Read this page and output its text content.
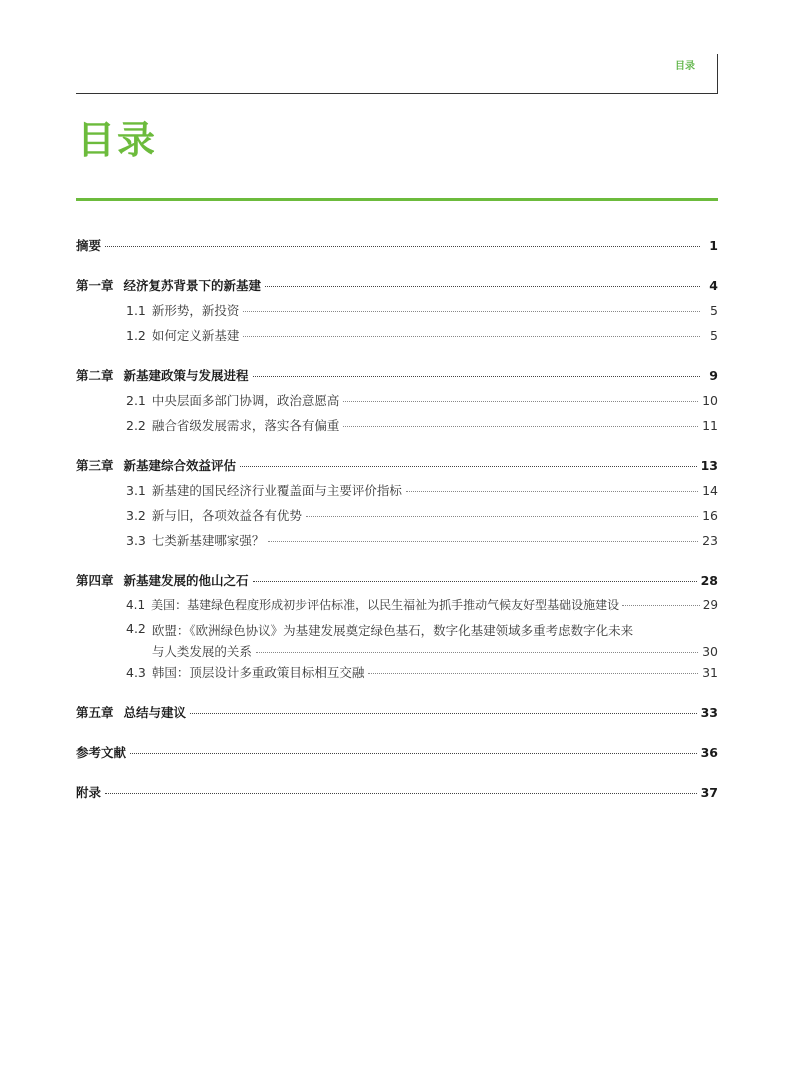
目录
目录
摘要	1
第一章 经济复苏背景下的新基建	4
1.1 新形势，新投资	5
1.2 如何定义新基建	5
第二章 新基建政策与发展进程	9
2.1 中央层面多部门协调，政治意愿高	10
2.2 融合省级发展需求，落实各有偏重	11
第三章 新基建综合效益评估	13
3.1 新基建的国民经济行业覆盖面与主要评价指标	14
3.2 新与旧，各项效益各有优势	16
3.3 七类新基建哪家强？	23
第四章 新基建发展的他山之石	28
4.1 美国：基建绿色程度形成初步评估标准，以民生福祉为抓手推动气候友好型基础设施建设	29
4.2 欧盟：《欧洲绿色协议》为基建发展奠定绿色基石，数字化基建领域多重考虑数字化未来
与人类发展的关系	30
4.3 韩国：顶层设计多重政策目标相互交融	31
第五章 总结与建议	33
参考文献	36
附录	37
